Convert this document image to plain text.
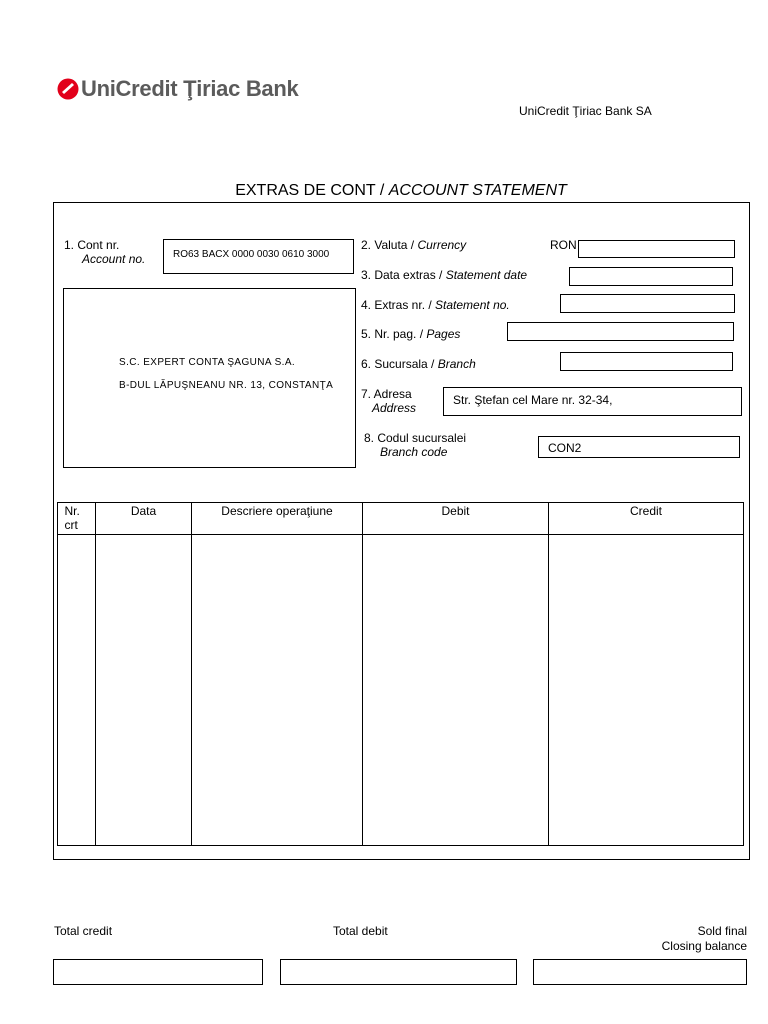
UniCredit Ţiriac Bank
UniCredit Ţiriac Bank SA
EXTRAS DE CONT / ACCOUNT STATEMENT
1. Cont nr.
Account no.	RO63 BACX 0000 0030 0610 3000
S.C. EXPERT CONTA ŞAGUNA S.A.
B-DUL LĂPUŞNEANU NR. 13, CONSTANŢA
2. Valuta / Currency	RON
3. Data extras / Statement date
4. Extras nr. / Statement no.
5. Nr. pag. / Pages
6. Sucursala / Branch
7. Adresa
Address
Str. Ştefan cel Mare nr. 32-34,
8. Codul sucursalei
Branch code	CON2
Nr. crt	Data	Descriere operaţiune	Debit	Credit

Total credit	Total debit	Sold final
Closing balance
